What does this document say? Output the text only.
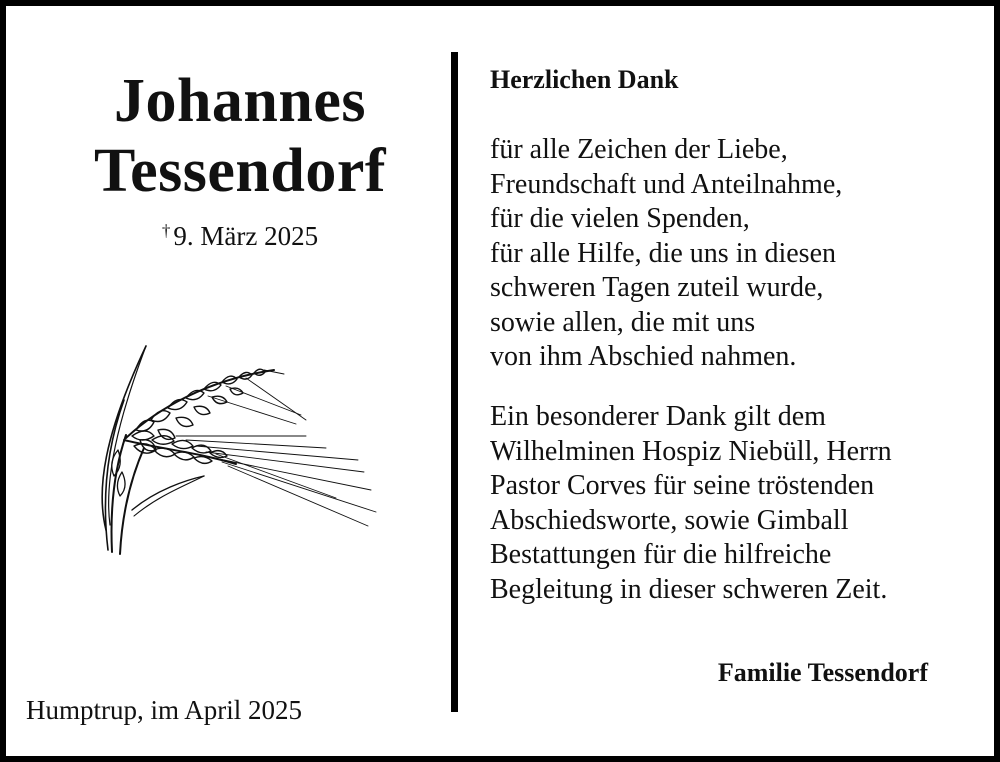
Johannes
Tessendorf
† 9. März 2025
Humptrup, im April 2025
Herzlichen Dank
für alle Zeichen der Liebe,
Freundschaft und Anteilnahme,
für die vielen Spenden,
für alle Hilfe, die uns in diesen
schweren Tagen zuteil wurde,
sowie allen, die mit uns
von ihm Abschied nahmen.
Ein besonderer Dank gilt dem
Wilhelminen Hospiz Niebüll, Herrn
Pastor Corves für seine tröstenden
Abschiedsworte, sowie Gimball
Bestattungen für die hilfreiche
Begleitung in dieser schweren Zeit.
Familie Tessendorf
